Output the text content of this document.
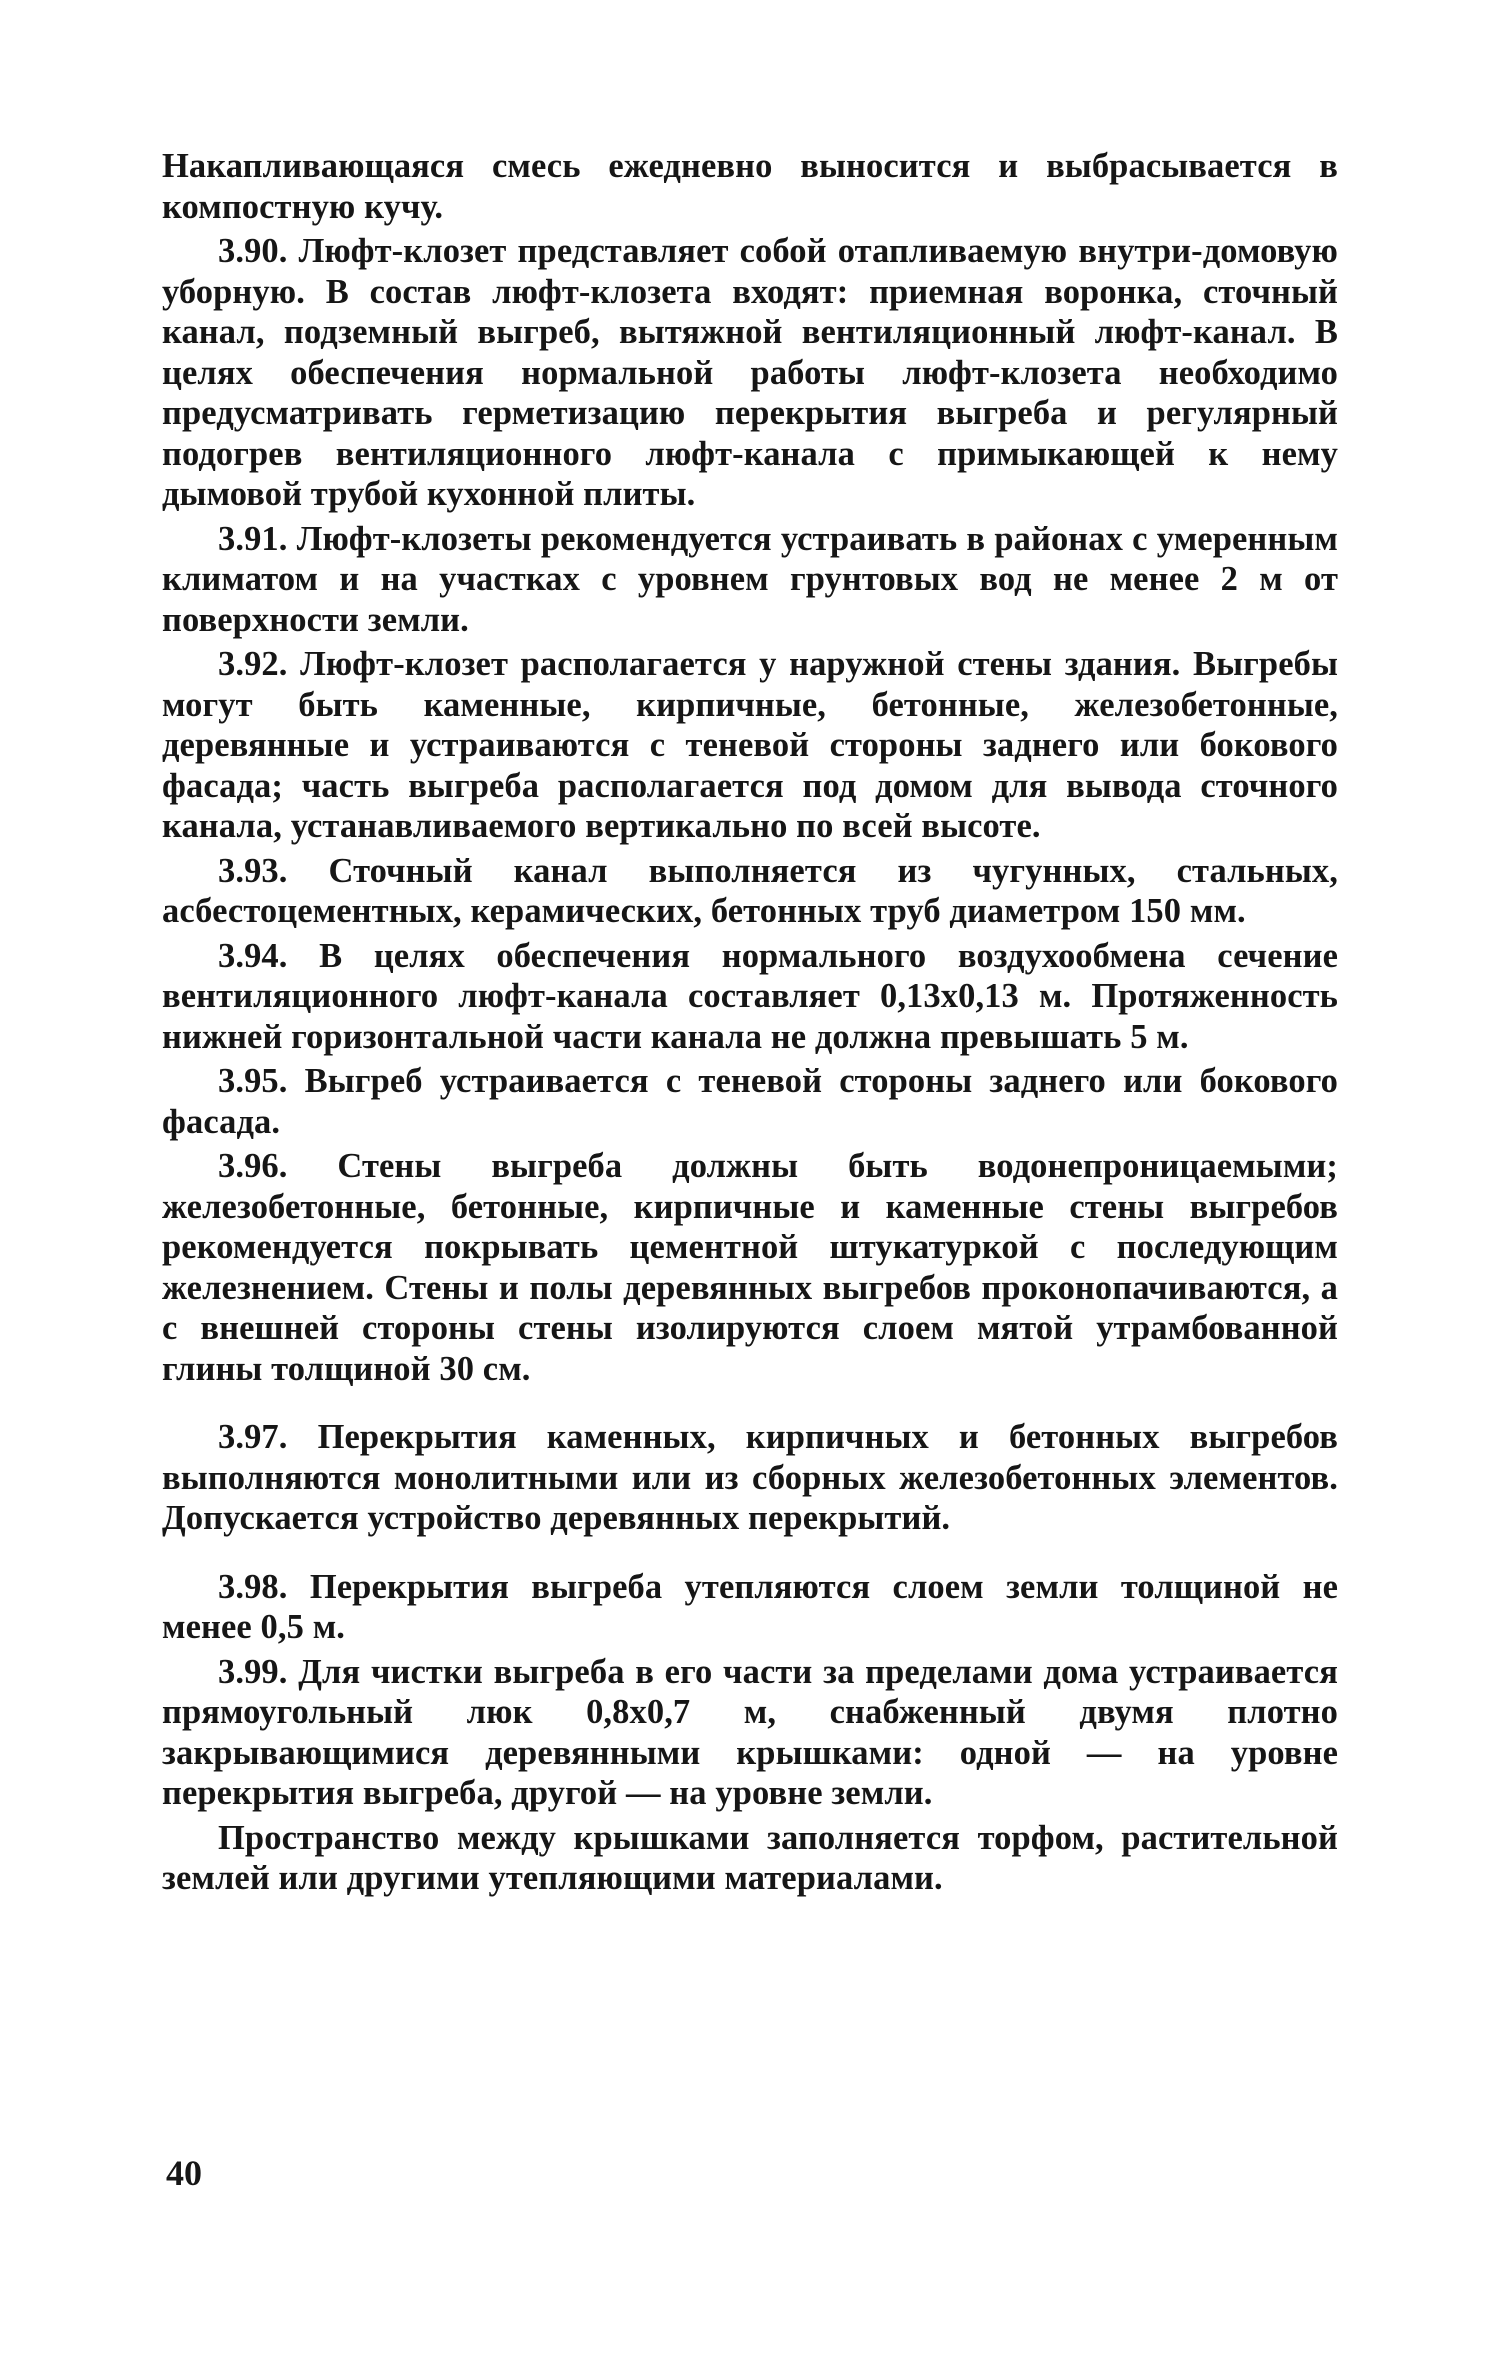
Накапливающаяся смесь ежедневно выносится и выбрасывается в компостную кучу.

3.90. Люфт-клозет представляет собой отапливаемую внутри-домовую уборную. В состав люфт-клозета входят: приемная воронка, сточный канал, подземный выгреб, вытяжной вентиляционный люфт-канал. В целях обеспечения нормальной работы люфт-клозета необходимо предусматривать герметизацию перекрытия выгреба и регулярный подогрев вентиляционного люфт-канала с примыкающей к нему дымовой трубой кухонной плиты.

3.91. Люфт-клозеты рекомендуется устраивать в районах с умеренным климатом и на участках с уровнем грунтовых вод не менее 2 м от поверхности земли.

3.92. Люфт-клозет располагается у наружной стены здания. Выгребы могут быть каменные, кирпичные, бетонные, железобетонные, деревянные и устраиваются с теневой стороны заднего или бокового фасада; часть выгреба располагается под домом для вывода сточного канала, устанавливаемого вертикально по всей высоте.

3.93. Сточный канал выполняется из чугунных, стальных, асбестоцементных, керамических, бетонных труб диаметром 150 мм.

3.94. В целях обеспечения нормального воздухообмена сечение вентиляционного люфт-канала составляет 0,13x0,13 м. Протяженность нижней горизонтальной части канала не должна превышать 5 м.

3.95. Выгреб устраивается с теневой стороны заднего или бокового фасада.

3.96. Стены выгреба должны быть водонепроницаемыми; железобетонные, бетонные, кирпичные и каменные стены выгребов рекомендуется покрывать цементной штукатуркой с последующим железнением. Стены и полы деревянных выгребов проконопачиваются, а с внешней стороны стены изолируются слоем мятой утрамбованной глины толщиной 30 см.

3.97. Перекрытия каменных, кирпичных и бетонных выгребов выполняются монолитными или из сборных железобетонных элементов. Допускается устройство деревянных перекрытий.

3.98. Перекрытия выгреба утепляются слоем земли толщиной не менее 0,5 м.

3.99. Для чистки выгреба в его части за пределами дома устраивается прямоугольный люк 0,8x0,7 м, снабженный двумя плотно закрывающимися деревянными крышками: одной — на уровне перекрытия выгреба, другой — на уровне земли.

Пространство между крышками заполняется торфом, растительной землей или другими утепляющими материалами.

40
